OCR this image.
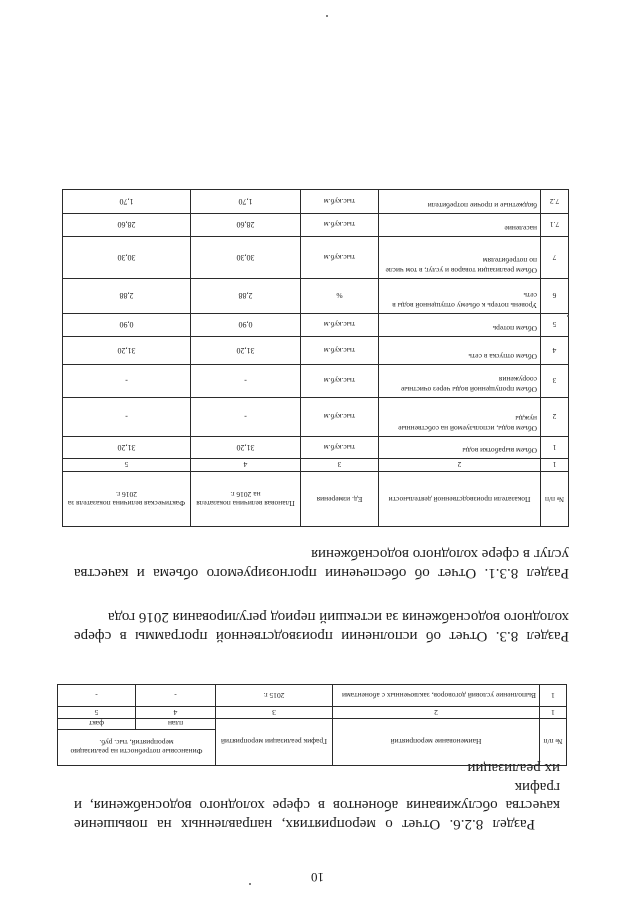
10

Раздел 8.2.6. Отчет о мероприятиях, направленных на повышение

качества обслуживания абонентов в сфере холодного водоснабжения, и график

их реализации

№ п/п	Наименование мероприятий	График реализации мероприятий	Финансовые потребности на реализацию мероприятий, тыс. руб.	
			план	факт
1	2	3	4	5
1	Выполнение условий договоров, заключенных с абонентами	2015 г.	-	-

Раздел 8.3. Отчет об исполнении производственной программы в сфере

холодного водоснабжения за истекший период регулирования 2016 года

Раздел 8.3.1. Отчет об обеспечении прогнозируемого объема и качества

услуг в сфере холодного водоснабжения

№ п/п	Показатели производственной деятельности	Ед. измерения	Плановая величина показателя на 2016 г.	Фактическая величина показателя за 2016 г.
1	2	3	4	5
1	Объем выработки воды	тыс.куб.м	31,20	31,20
2	Объем воды, используемой на собственные нужды	тыс.куб.м	-	-
3	Объем пропущенной воды через очистные сооружения	тыс.куб.м	-	-
4	Объем отпуска в сеть	тыс.куб.м	31,20	31,20
5	Объем потерь	тыс.куб.м	0,90	0,90
6	Уровень потерь к объему отпущенной воды в сеть	%	2,88	2,88
7	Объем реализации товаров и услуг, в том числе по потребителям	тыс.куб.м	30,30	30,30
7.1	население	тыс.куб.м	28,60	28,60
7.2	бюджетные и прочие потребители	тыс.куб.м	1,70	1,70
